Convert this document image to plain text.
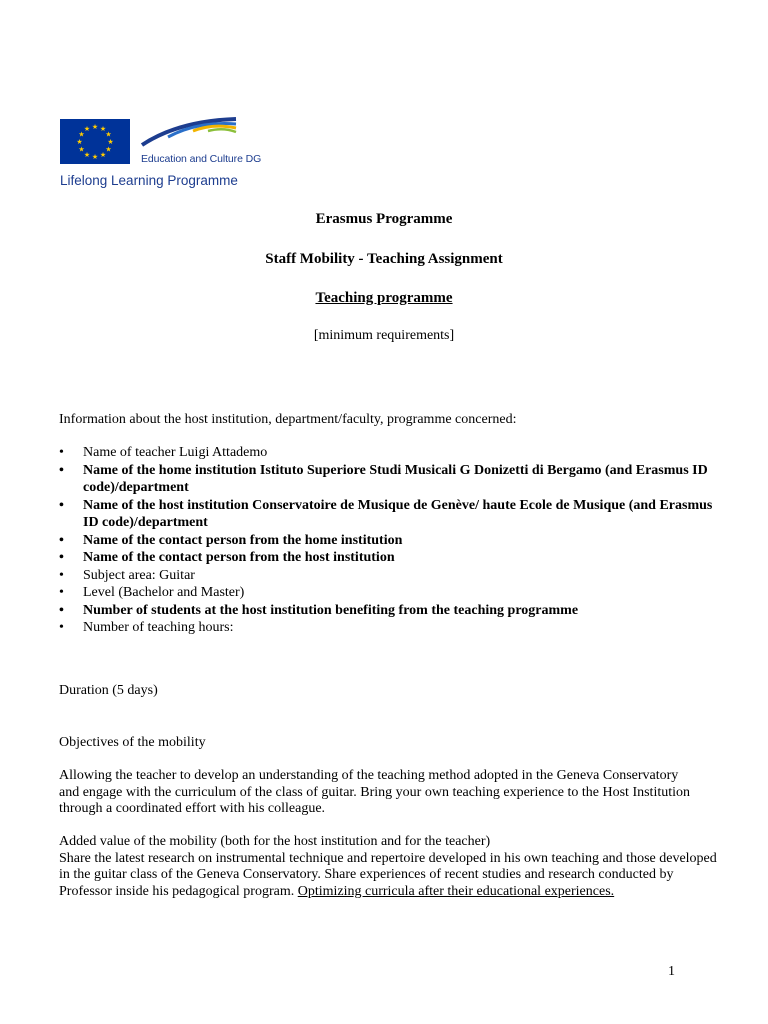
★ ★
★
★
★
★
★
★
★
★
★
★
Education and Culture DG
Lifelong Learning Programme
Erasmus Programme
Staff Mobility - Teaching Assignment
Teaching programme
[minimum requirements]
Information about the host institution, department/faculty, programme concerned:
• Name of teacher Luigi Attademo
• Name of the home institution Istituto Superiore Studi Musicali G Donizetti di Bergamo (and Erasmus ID code)/department
• Name of the host institution Conservatoire de Musique de Genève/ haute Ecole de Musique (and Erasmus ID code)/department
• Name of the contact person from the home institution
• Name of the contact person from the host institution
• Subject area: Guitar
• Level (Bachelor and Master)
• Number of students at the host institution benefiting from the teaching programme
• Number of teaching hours:
Duration (5 days)
Objectives of the mobility
Allowing the teacher to develop an understanding of the teaching method adopted in the Geneva Conservatory and engage with the curriculum of the class of guitar. Bring your own teaching experience to the Host Institution through a coordinated effort with his colleague.
Added value of the mobility (both for the host institution and for the teacher)
Share the latest research on instrumental technique and repertoire developed in his own teaching and those developed in the guitar class of the Geneva Conservatory. Share experiences of recent studies and research conducted by Professor inside his pedagogical program. Optimizing curricula after their educational experiences.
1
